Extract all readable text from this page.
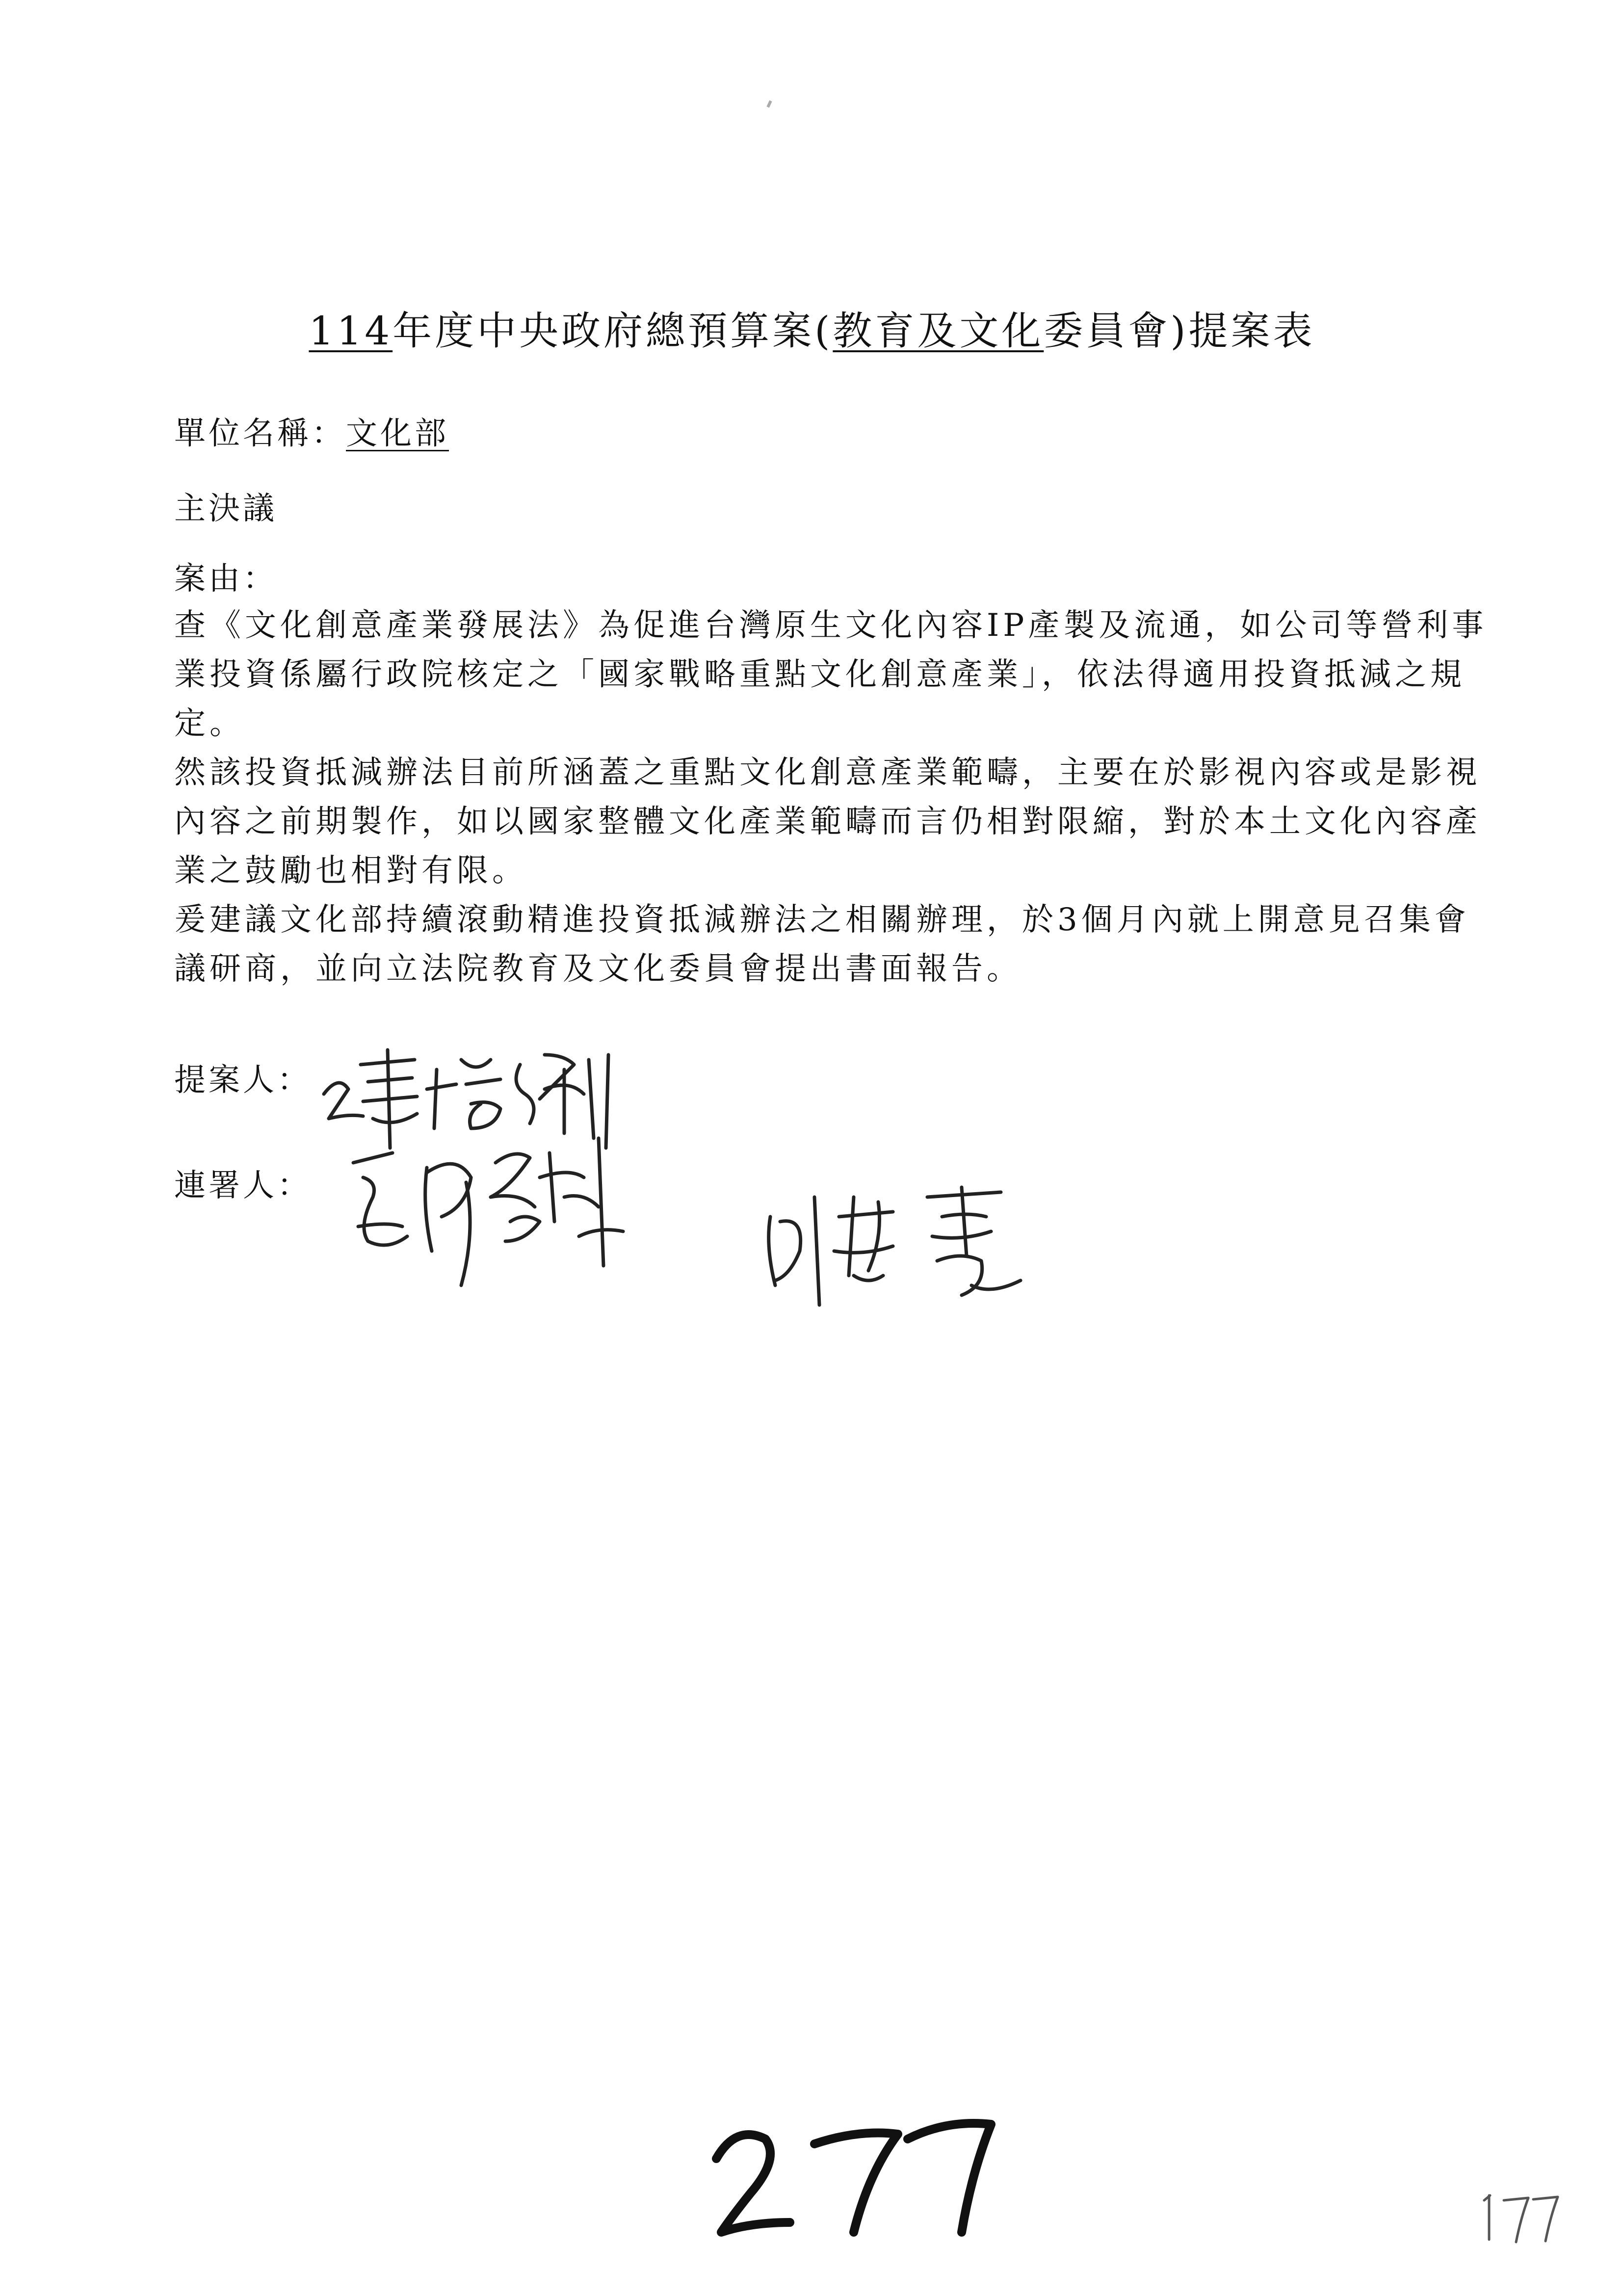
114年度中央政府總預算案(教育及文化委員會)提案表
單位名稱：文化部
主決議
案由：

查《文化創意產業發展法》為促進台灣原生文化內容IP產製及流通，如公司等營利事業投資係屬行政院核定之「國家戰略重點文化創意產業」，依法得適用投資抵減之規定。

然該投資抵減辦法目前所涵蓋之重點文化創意產業範疇，主要在於影視內容或是影視內容之前期製作，如以國家整體文化產業範疇而言仍相對限縮，對於本土文化內容產業之鼓勵也相對有限。

爰建議文化部持續滾動精進投資抵減辦法之相關辦理，於3個月內就上開意見召集會議研商，並向立法院教育及文化委員會提出書面報告。

提案人：
連署人：
